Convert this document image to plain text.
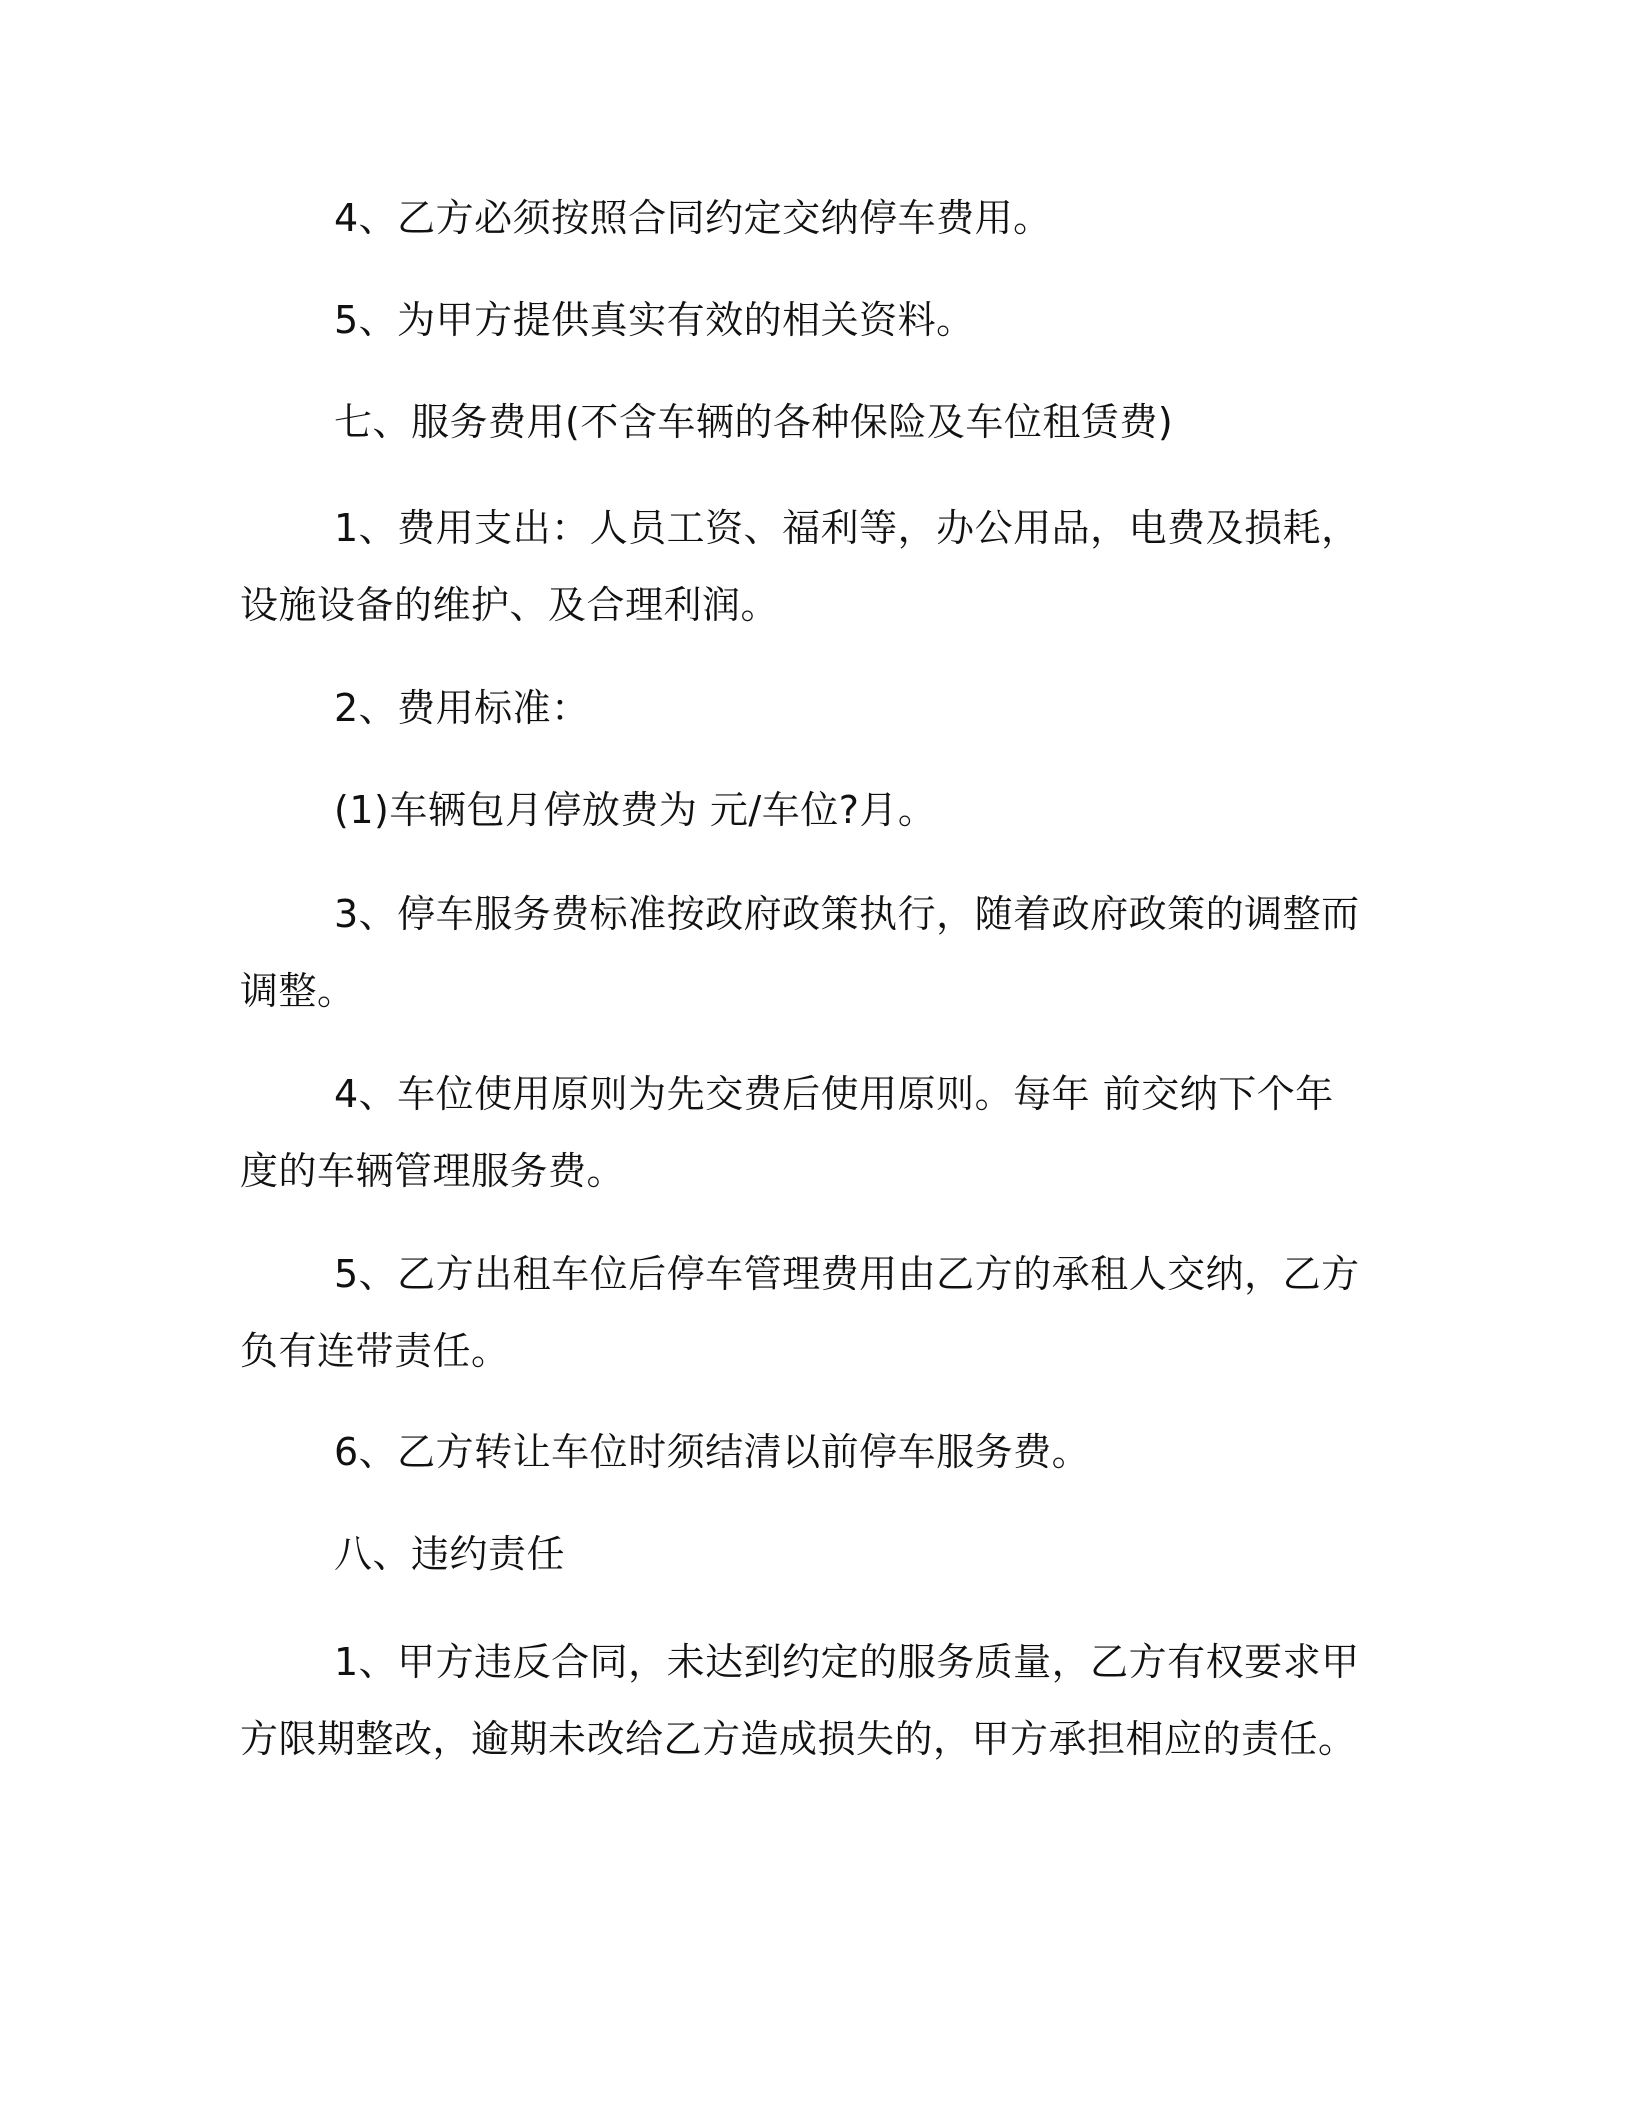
4、乙方必须按照合同约定交纳停车费用。

5、为甲方提供真实有效的相关资料。

七、服务费用(不含车辆的各种保险及车位租赁费)

1、费用支出：人员工资、福利等，办公用品，电费及损耗，设施设备的维护、及合理利润。

2、费用标准：

(1)车辆包月停放费为 元/车位?月。

3、停车服务费标准按政府政策执行，随着政府政策的调整而调整。

4、车位使用原则为先交费后使用原则。每年 前交纳下个年度的车辆管理服务费。

5、乙方出租车位后停车管理费用由乙方的承租人交纳，乙方负有连带责任。

6、乙方转让车位时须结清以前停车服务费。

八、违约责任

1、甲方违反合同，未达到约定的服务质量，乙方有权要求甲方限期整改，逾期未改给乙方造成损失的，甲方承担相应的责任。
